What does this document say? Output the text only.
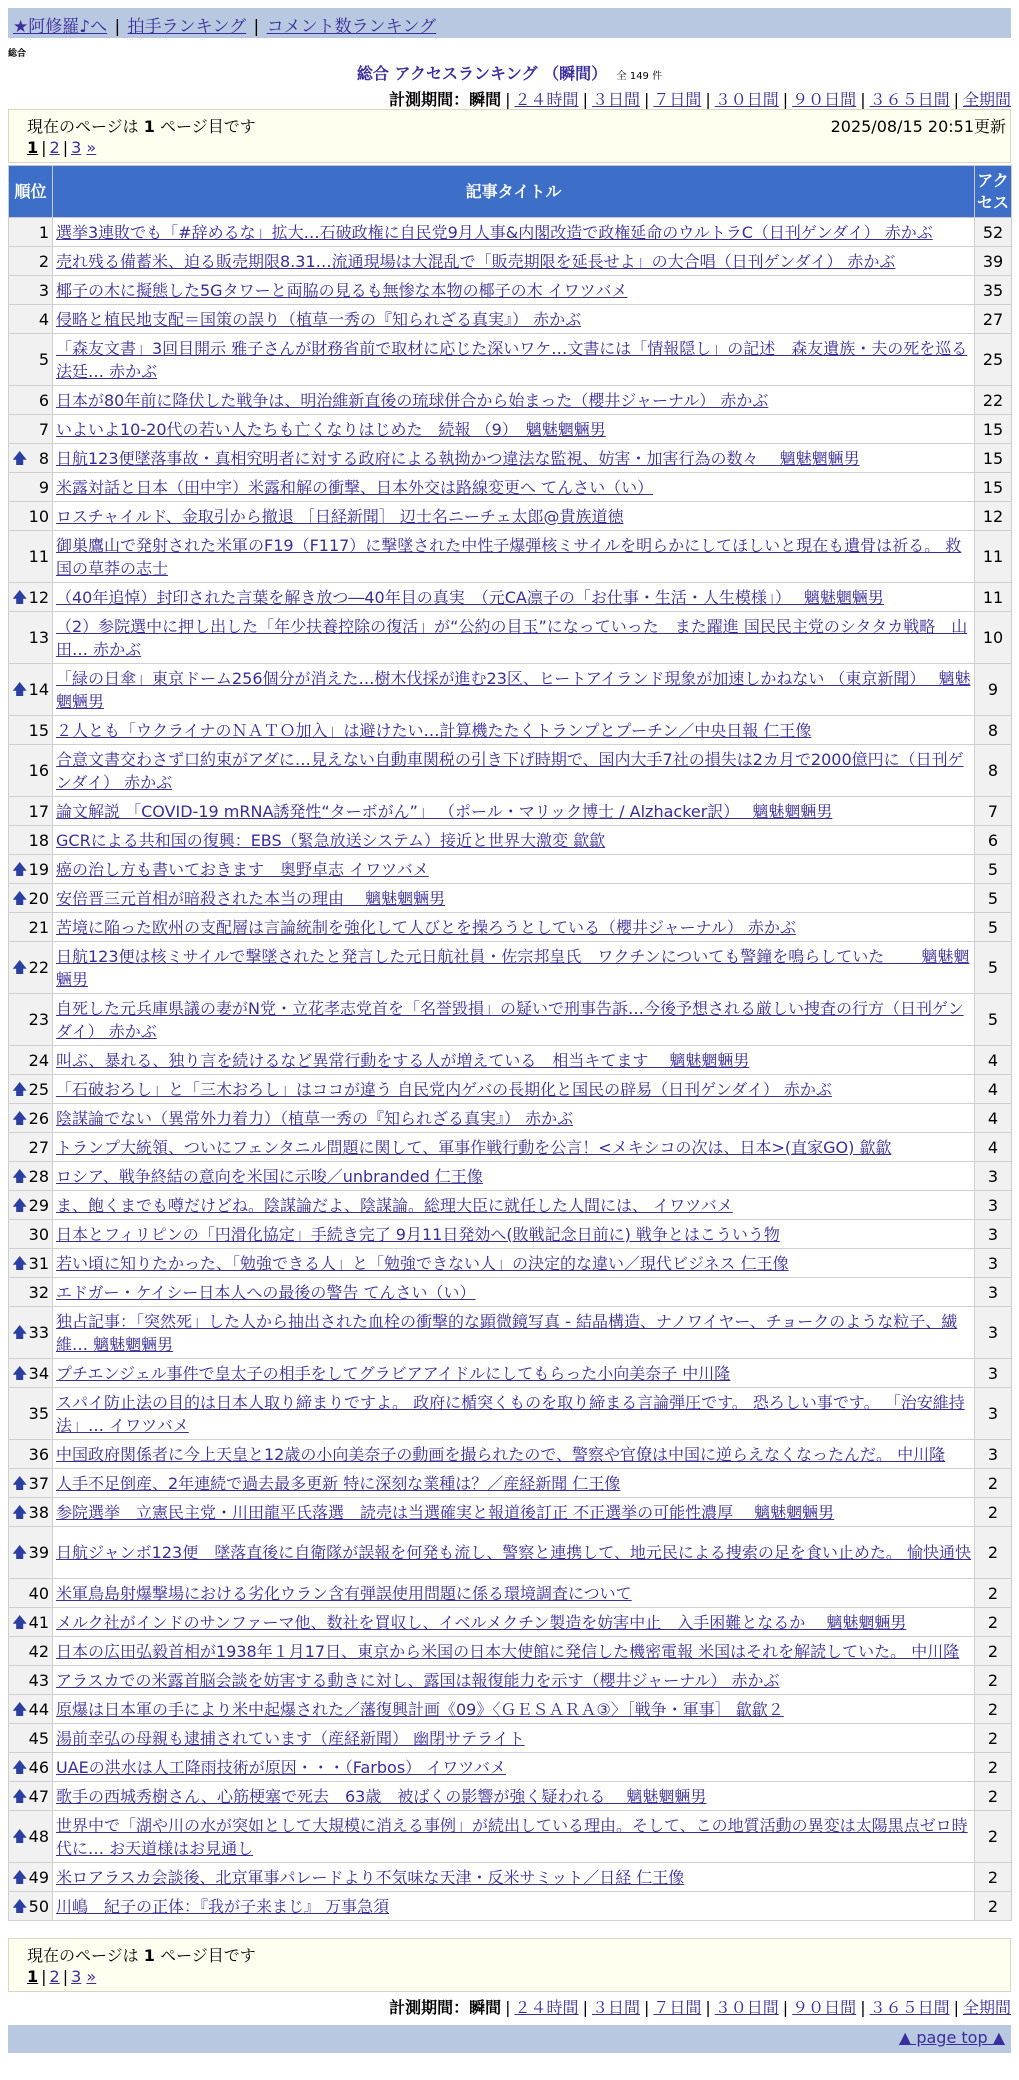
★阿修羅♪へ | 拍手ランキング | コメント数ランキング
総合
総合 アクセスランキング （瞬間） 全 149 件
計測期間：瞬間 | ２４時間 | ３日間 | ７日間 | ３０日間 | ９０日間 | ３６５日間 | 全期間
現在のページは 1 ページ目です	2025/08/15 20:51更新
1 | 2 | 3 »
順位	記事タイトル	アクセス
1	選挙3連敗でも「#辞めるな」拡大…石破政権に自民党9月人事&内閣改造で政権延命のウルトラC（日刊ゲンダイ） 赤かぶ	52
2	売れ残る備蓄米、迫る販売期限8.31…流通現場は大混乱で「販売期限を延長せよ」の大合唱（日刊ゲンダイ） 赤かぶ	39
3	椰子の木に擬態した5Gタワーと両脇の見るも無惨な本物の椰子の木 イワツバメ	35
4	侵略と植民地支配＝国策の誤り（植草一秀の『知られざる真実』） 赤かぶ	27
5	「森友文書」3回目開示 雅子さんが財務省前で取材に応じた深いワケ…文書には「情報隠し」の記述　森友遺族・夫の死を巡る法廷… 赤かぶ	25
6	日本が80年前に降伏した戦争は、明治維新直後の琉球併合から始まった（櫻井ジャーナル） 赤かぶ	22
7	いよいよ10-20代の若い人たちも亡くなりはじめた　続報 （9）　魑魅魍魎男	15

🡅 8	日航123便墜落事故・真相究明者に対する政府による執拗かつ違法な監視、妨害・加害行為の数々　 魑魅魍魎男	15
9	米露対話と日本（田中宇）米露和解の衝撃、日本外交は路線変更へ てんさい（い）	15
10	ロスチャイルド、金取引から撤退 ［日経新聞］ 辺士名ニーチェ太郎@貴族道徳	12
11	御巣鷹山で発射された米軍のF19（F117）に撃墜された中性子爆弾核ミサイルを明らかにしてほしいと現在も遺骨は祈る。 救国の草莽の志士	11

🡅 12	（40年追悼）封印された言葉を解き放つ―40年目の真実　（元CA凛子の「お仕事・生活・人生模様」）　 魑魅魍魎男	11
13	（2）参院選中に押し出した「年少扶養控除の復活」が“公約の目玉”になっていった　また躍進 国民民主党のシタタカ戦略　山田… 赤かぶ	10

🡅 14	「緑の日傘」東京ドーム256個分が消えた…樹木伐採が進む23区、ヒートアイランド現象が加速しかねない （東京新聞）　 魑魅魍魎男	9
15	２人とも「ウクライナのＮＡＴＯ加入」は避けたい…計算機たたくトランプとプーチン／中央日報 仁王像	8
16	合意文書交わさず口約束がアダに…見えない自動車関税の引き下げ時期で、国内大手7社の損失は2カ月で2000億円に（日刊ゲンダイ） 赤かぶ	8
17	論文解説 「COVID-19 mRNA誘発性“ターボがん”」 （ポール・マリック博士 / Alzhacker訳）　 魑魅魍魎男	7
18	GCRによる共和国の復興：EBS（緊急放送システム）接近と世界大激変 歙歙	6

🡅 19	癌の治し方も書いておきます　奥野卓志 イワツバメ	5

🡅 20	安倍晋三元首相が暗殺された本当の理由　 魑魅魍魎男	5
21	苦境に陥った欧州の支配層は言論統制を強化して人びとを操ろうとしている（櫻井ジャーナル） 赤かぶ	5

🡅 22	日航123便は核ミサイルで撃墜されたと発言した元日航社員・佐宗邦皇氏　ワクチンについても警鐘を鳴らしていた　　 魑魅魍魎男	5
23	自死した元兵庫県議の妻がN党・立花孝志党首を「名誉毀損」の疑いで刑事告訴…今後予想される厳しい捜査の行方（日刊ゲンダイ） 赤かぶ	5
24	叫ぶ、暴れる、独り言を続けるなど異常行動をする人が増えている　相当キてます　 魑魅魍魎男	4

🡅 25	「石破おろし」と「三木おろし」はココが違う 自民党内ゲバの長期化と国民の辟易（日刊ゲンダイ） 赤かぶ	4

🡅 26	陰謀論でない（異常外力着力）（植草一秀の『知られざる真実』） 赤かぶ	4
27	トランプ大統領、ついにフェンタニル問題に関して、軍事作戦行動を公言！<メキシコの次は、日本>(直家GO) 歙歙	4

🡅 28	ロシア、戦争終結の意向を米国に示唆／unbranded 仁王像	3

🡅 29	ま、飽くまでも噂だけどね。陰謀論だよ、陰謀論。総理大臣に就任した人間には、 イワツバメ	3
30	日本とフィリピンの「円滑化協定」手続き完了 9月11日発効へ(敗戦記念日前に) 戦争とはこういう物	3

🡅 31	若い頃に知りたかった、「勉強できる人」と「勉強できない人」の決定的な違い／現代ビジネス 仁王像	3
32	エドガー・ケイシー日本人への最後の警告 てんさい（い）	3

🡅 33	独占記事：「突然死」した人から抽出された血栓の衝撃的な顕微鏡写真 - 結晶構造、ナノワイヤー、チョークのような粒子、繊維… 魑魅魍魎男	3

🡅 34	プチエンジェル事件で皇太子の相手をしてグラビアアイドルにしてもらった小向美奈子 中川隆	3
35	スパイ防止法の目的は日本人取り締まりですよ。 政府に楯突くものを取り締まる言論弾圧です。 恐ろしい事です。 「治安維持法」… イワツバメ	3
36	中国政府関係者に今上天皇と12歳の小向美奈子の動画を撮られたので、警察や官僚は中国に逆らえなくなったんだ。 中川隆	3

🡅 37	人手不足倒産、2年連続で過去最多更新 特に深刻な業種は？／産経新聞 仁王像	2

🡅 38	参院選挙　立憲民主党・川田龍平氏落選　読売は当選確実と報道後訂正 不正選挙の可能性濃厚　 魑魅魍魎男	2

🡅 39	日航ジャンボ123便　墜落直後に自衛隊が誤報を何発も流し、警察と連携して、地元民による捜索の足を食い止めた。 愉快通快	2
40	米軍鳥島射爆撃場における劣化ウラン含有弾誤使用問題に係る環境調査について	2

🡅 41	メルク社がインドのサンファーマ他、数社を買収し、イベルメクチン製造を妨害中止　入手困難となるか　 魑魅魍魎男	2
42	日本の広田弘毅首相が1938年１月17日、東京から米国の日本大使館に発信した機密電報 米国はそれを解読していた。 中川隆	2
43	アラスカでの米露首脳会談を妨害する動きに対し、露国は報復能力を示す（櫻井ジャーナル） 赤かぶ	2

🡅 44	原爆は日本軍の手により米中起爆された／藩復興計画《09》〈ＧＥＳＡＲＡ③〉［戦争・軍事］ 歙歙２	2
45	湯前幸弘の母親も逮捕されています（産経新聞） 幽閉サテライト	2

🡅 46	UAEの洪水は人工降雨技術が原因・・・（Farbos） イワツバメ	2

🡅 47	歌手の西城秀樹さん、心筋梗塞で死去　63歳　被ばくの影響が強く疑われる　 魑魅魍魎男	2

🡅 48	世界中で「湖や川の水が突如として大規模に消える事例」が続出している理由。そして、この地質活動の異変は太陽黒点ゼロ時代に… お天道様はお見通し	2

🡅 49	米ロアラスカ会談後、北京軍事パレードより不気味な天津・反米サミット／日経 仁王像	2

🡅 50	川嶋　紀子の正体：『我が子来まじ』 万事急須	2
現在のページは 1 ページ目です
1 | 2 | 3 »
計測期間：瞬間 | ２４時間 | ３日間 | ７日間 | ３０日間 | ９０日間 | ３６５日間 | 全期間
▲ page top ▲
